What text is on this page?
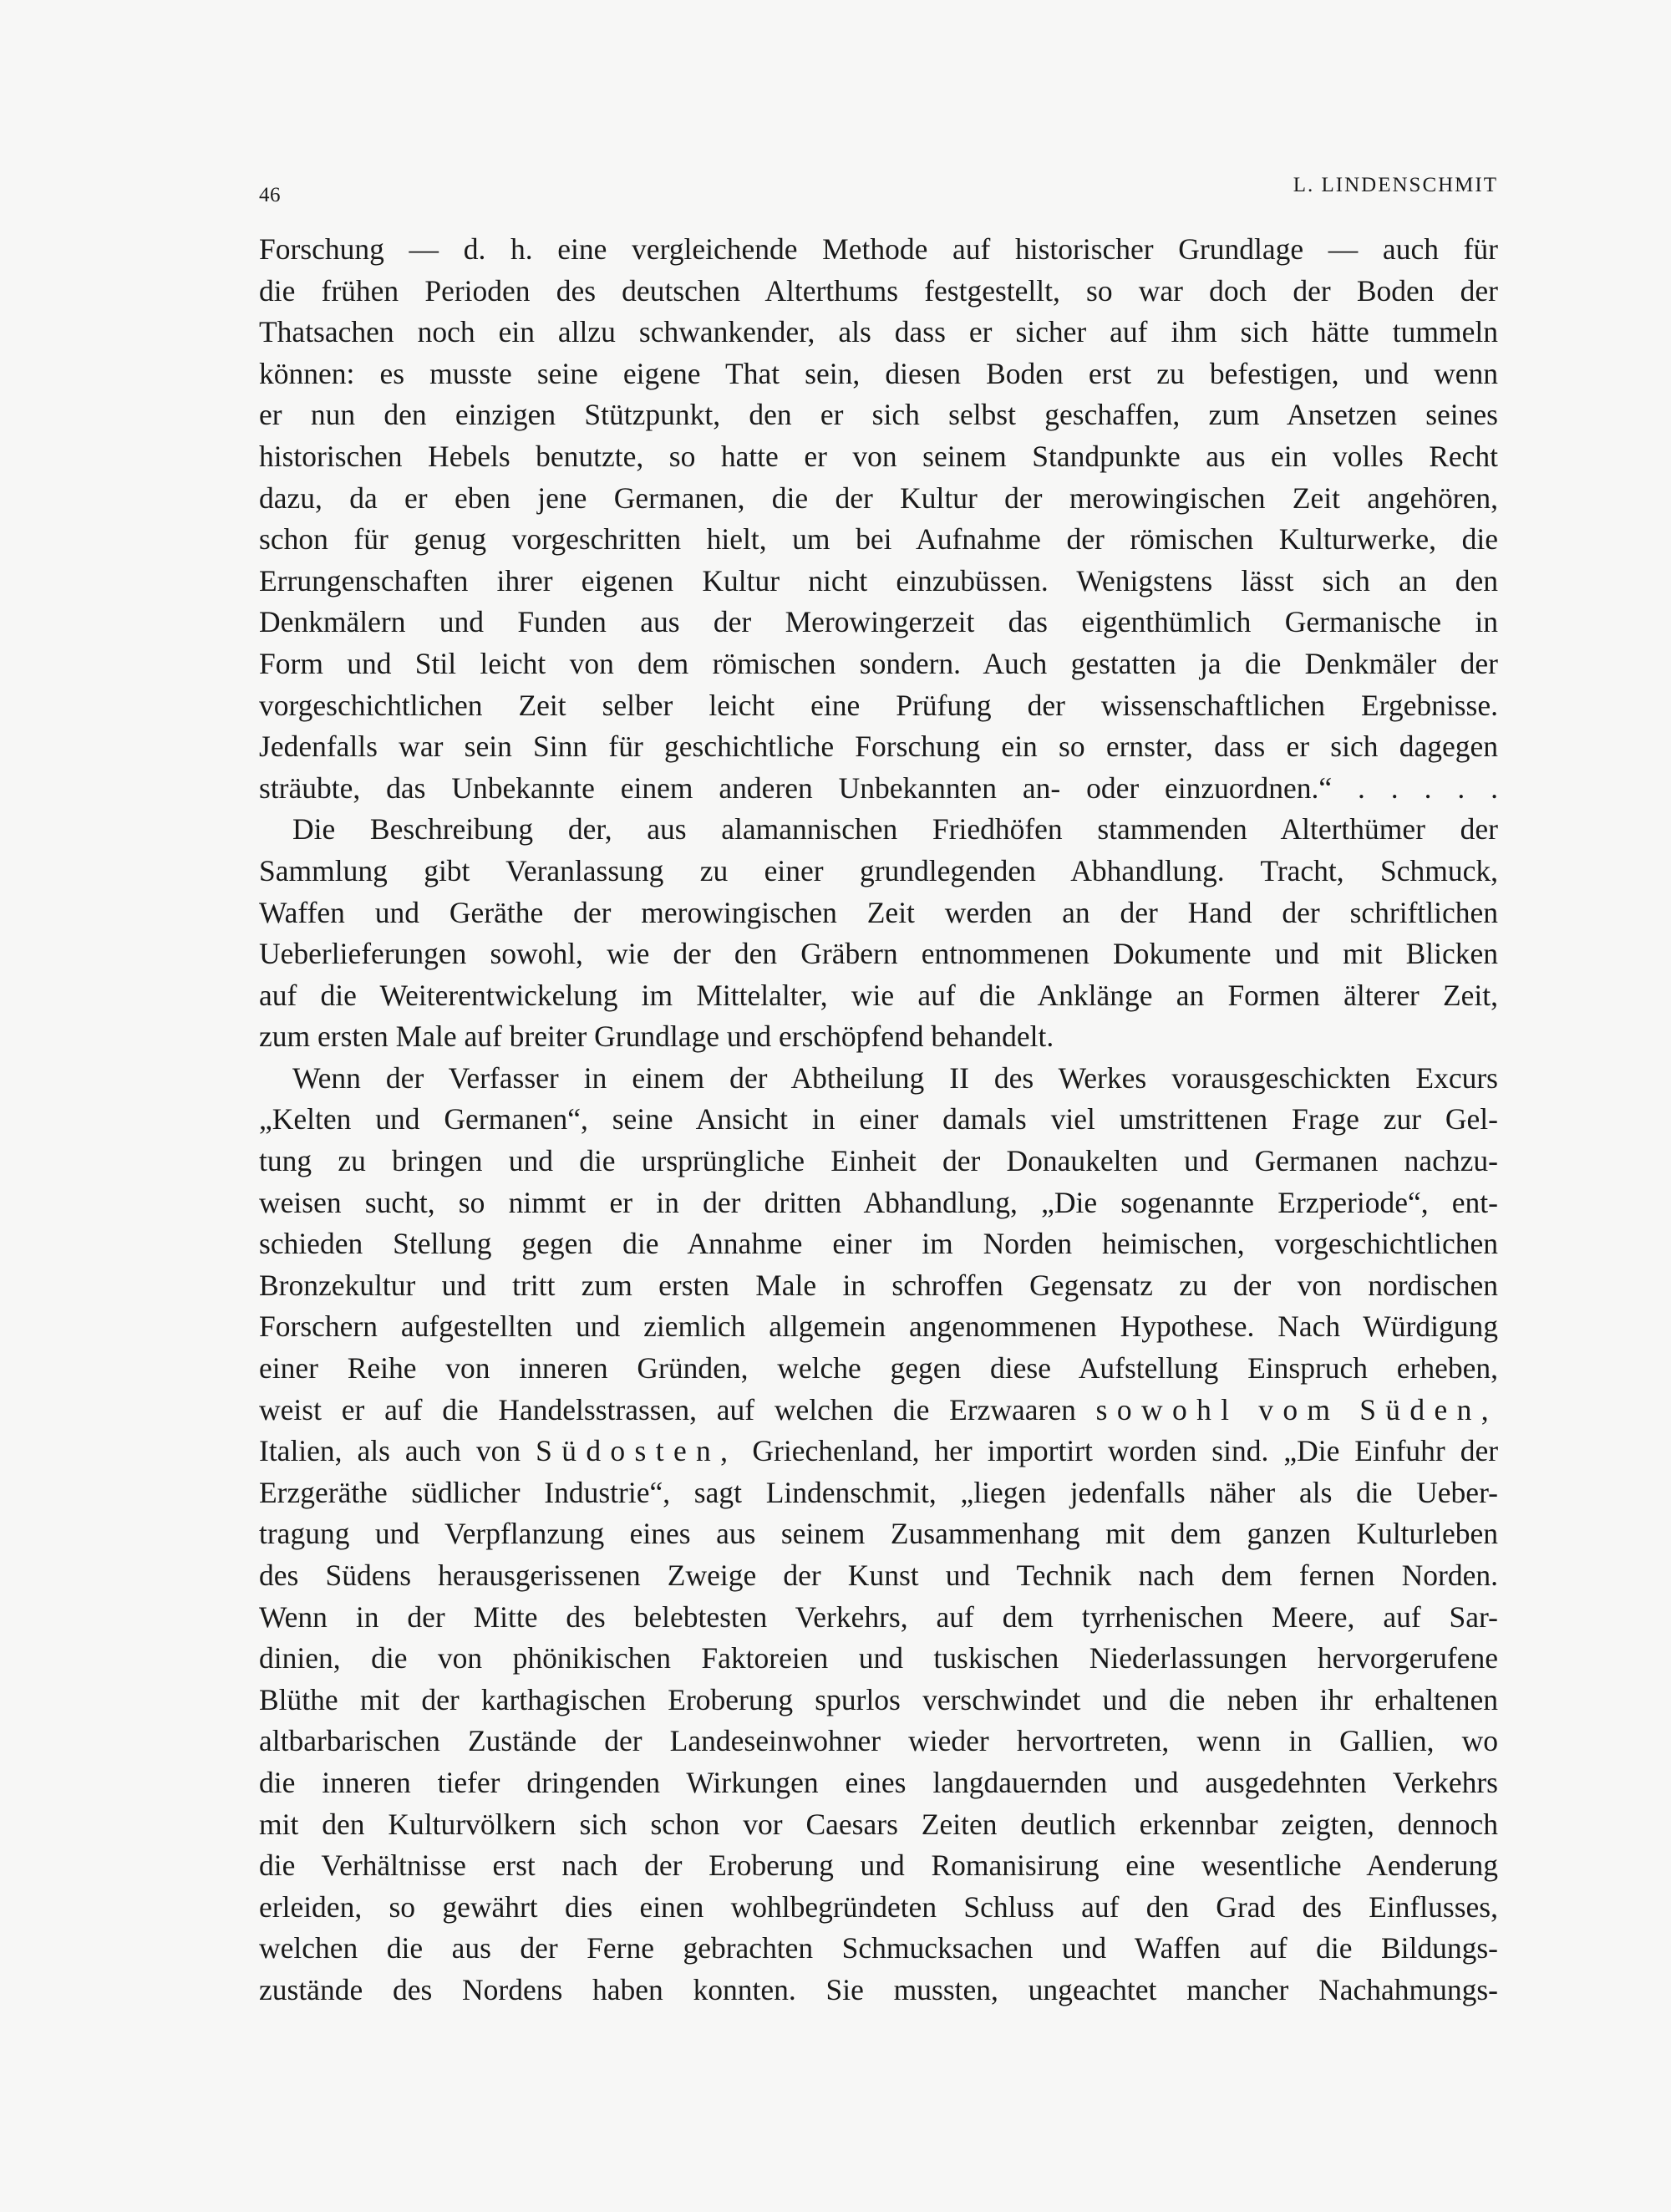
46	L. LINDENSCHMIT
Forschung — d. h. eine vergleichende Methode auf historischer Grundlage — auch für
die frühen Perioden des deutschen Alterthums festgestellt, so war doch der Boden der
Thatsachen noch ein allzu schwankender, als dass er sicher auf ihm sich hätte tummeln
können: es musste seine eigene That sein, diesen Boden erst zu befestigen, und wenn
er nun den einzigen Stützpunkt, den er sich selbst geschaffen, zum Ansetzen seines
historischen Hebels benutzte, so hatte er von seinem Standpunkte aus ein volles Recht
dazu, da er eben jene Germanen, die der Kultur der merowingischen Zeit angehören,
schon für genug vorgeschritten hielt, um bei Aufnahme der römischen Kulturwerke, die
Errungenschaften ihrer eigenen Kultur nicht einzubüssen. Wenigstens lässt sich an den
Denkmälern und Funden aus der Merowingerzeit das eigenthümlich Germanische in
Form und Stil leicht von dem römischen sondern. Auch gestatten ja die Denkmäler der
vorgeschichtlichen Zeit selber leicht eine Prüfung der wissenschaftlichen Ergebnisse.
Jedenfalls war sein Sinn für geschichtliche Forschung ein so ernster, dass er sich dagegen
sträubte, das Unbekannte einem anderen Unbekannten an- oder einzuordnen.“ . . . . .
Die Beschreibung der, aus alamannischen Friedhöfen stammenden Alterthümer der
Sammlung gibt Veranlassung zu einer grundlegenden Abhandlung. Tracht, Schmuck,
Waffen und Geräthe der merowingischen Zeit werden an der Hand der schriftlichen
Ueberlieferungen sowohl, wie der den Gräbern entnommenen Dokumente und mit Blicken
auf die Weiterentwickelung im Mittelalter, wie auf die Anklänge an Formen älterer Zeit,
zum ersten Male auf breiter Grundlage und erschöpfend behandelt.
Wenn der Verfasser in einem der Abtheilung II des Werkes vorausgeschickten Excurs
„Kelten und Germanen“, seine Ansicht in einer damals viel umstrittenen Frage zur Gel-
tung zu bringen und die ursprüngliche Einheit der Donaukelten und Germanen nachzu-
weisen sucht, so nimmt er in der dritten Abhandlung, „Die sogenannte Erzperiode“, ent-
schieden Stellung gegen die Annahme einer im Norden heimischen, vorgeschichtlichen
Bronzekultur und tritt zum ersten Male in schroffen Gegensatz zu der von nordischen
Forschern aufgestellten und ziemlich allgemein angenommenen Hypothese. Nach Würdigung
einer Reihe von inneren Gründen, welche gegen diese Aufstellung Einspruch erheben,
weist er auf die Handelsstrassen, auf welchen die Erzwaaren sowohl vom Süden,
Italien, als auch von Südosten, Griechenland, her importirt worden sind. „Die Einfuhr der
Erzgeräthe südlicher Industrie“, sagt Lindenschmit, „liegen jedenfalls näher als die Ueber-
tragung und Verpflanzung eines aus seinem Zusammenhang mit dem ganzen Kulturleben
des Südens herausgerissenen Zweige der Kunst und Technik nach dem fernen Norden.
Wenn in der Mitte des belebtesten Verkehrs, auf dem tyrrhenischen Meere, auf Sar-
dinien, die von phönikischen Faktoreien und tuskischen Niederlassungen hervorgerufene
Blüthe mit der karthagischen Eroberung spurlos verschwindet und die neben ihr erhaltenen
altbarbarischen Zustände der Landeseinwohner wieder hervortreten, wenn in Gallien, wo
die inneren tiefer dringenden Wirkungen eines langdauernden und ausgedehnten Verkehrs
mit den Kulturvölkern sich schon vor Caesars Zeiten deutlich erkennbar zeigten, dennoch
die Verhältnisse erst nach der Eroberung und Romanisirung eine wesentliche Aenderung
erleiden, so gewährt dies einen wohlbegründeten Schluss auf den Grad des Einflusses,
welchen die aus der Ferne gebrachten Schmucksachen und Waffen auf die Bildungs-
zustände des Nordens haben konnten. Sie mussten, ungeachtet mancher Nachahmungs-
